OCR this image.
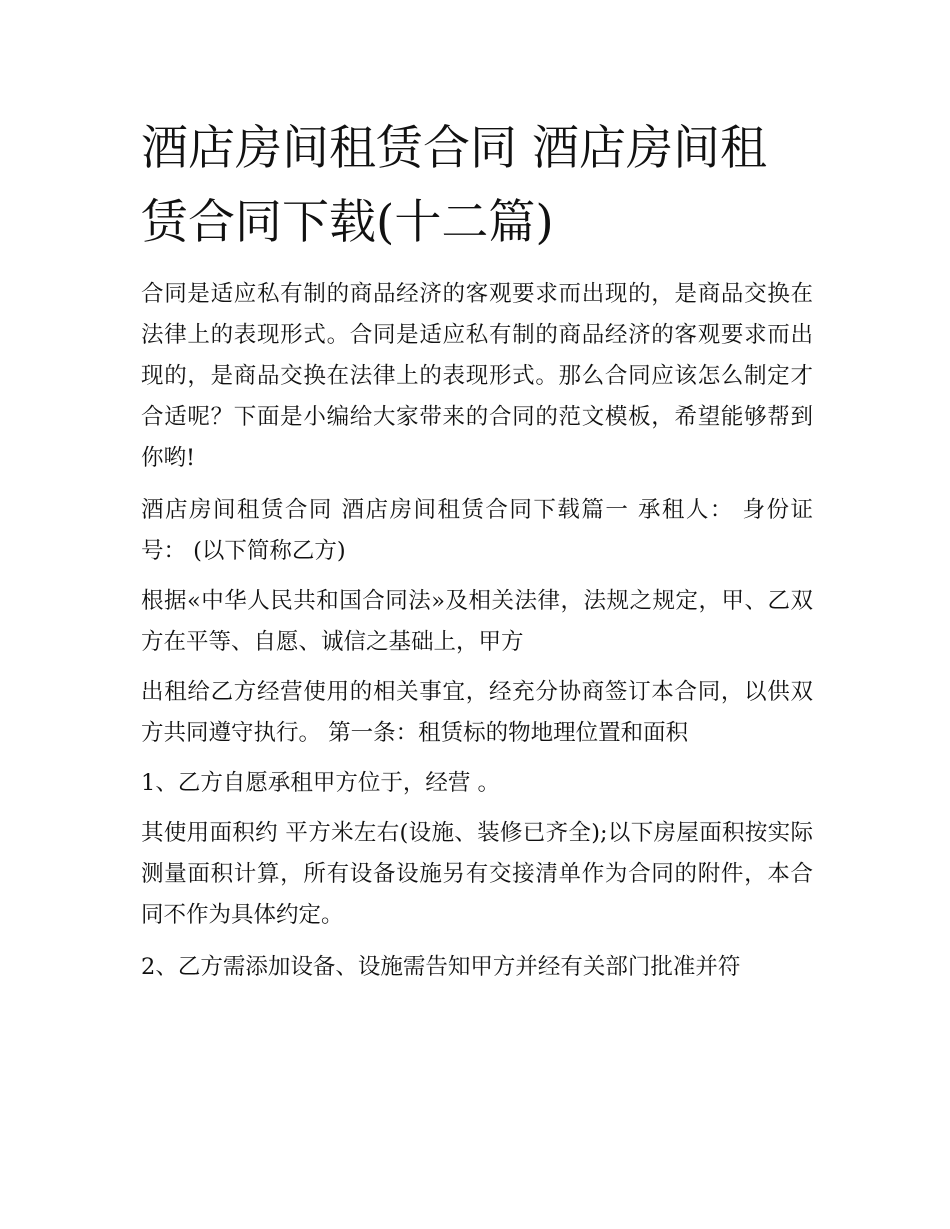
酒店房间租赁合同 酒店房间租赁合同下载(十二篇)

合同是适应私有制的商品经济的客观要求而出现的，是商品交换在法律上的表现形式。合同是适应私有制的商品经济的客观要求而出现的，是商品交换在法律上的表现形式。那么合同应该怎么制定才合适呢？下面是小编给大家带来的合同的范文模板，希望能够帮到你哟!

酒店房间租赁合同 酒店房间租赁合同下载篇一 承租人： 身份证号： (以下简称乙方)

根据«中华人民共和国合同法»及相关法律，法规之规定，甲、乙双方在平等、自愿、诚信之基础上，甲方

出租给乙方经营使用的相关事宜，经充分协商签订本合同，以供双方共同遵守执行。 第一条：租赁标的物地理位置和面积

1、乙方自愿承租甲方位于，经营 。

其使用面积约 平方米左右(设施、装修已齐全);以下房屋面积按实际测量面积计算，所有设备设施另有交接清单作为合同的附件，本合同不作为具体约定。

2、乙方需添加设备、设施需告知甲方并经有关部门批准并符
